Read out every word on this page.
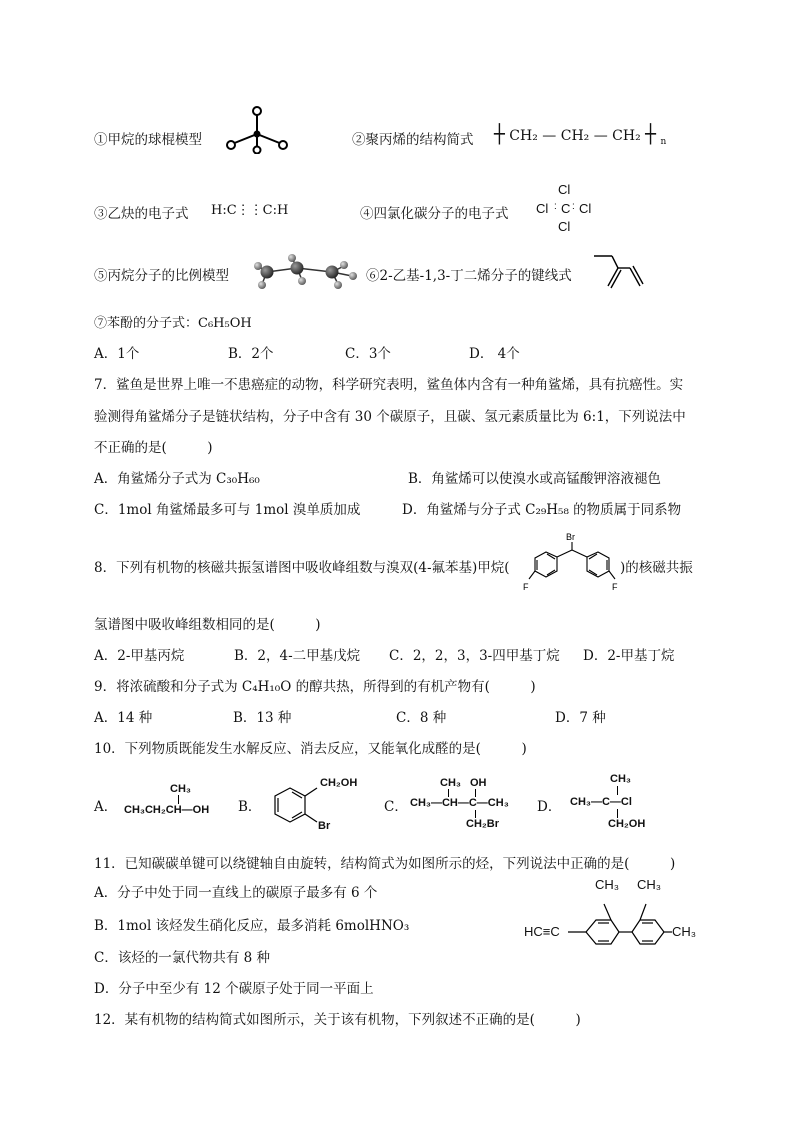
①甲烷的球棍模型	②聚丙烯的结构简式 ┼ CH₂ — CH₂ — CH₂ ┼ $_n$
③乙炔的电子式 H:C⋮⋮C:H	④四氯化碳分子的电子式
Cl
Cl C Cl
Cl
: :
⑤丙烷分子的比例模型	⑥2-乙基-1,3-丁二烯分子的键线式
⑦苯酚的分子式：C₆H₅OH
A．1个	B．2个	C．3个	D． 4个
7．鲨鱼是世界上唯一不患癌症的动物，科学研究表明，鲨鱼体内含有一种角鲨烯，具有抗癌性。实
验测得角鲨烯分子是链状结构，分子中含有 30 个碳原子，且碳、氢元素质量比为 6:1，下列说法中
不正确的是(　　　)
A．角鲨烯分子式为 C₃₀H₆₀	B．角鲨烯可以使溴水或高锰酸钾溶液褪色
C．1mol 角鲨烯最多可与 1mol 溴单质加成	D．角鲨烯与分子式 C₂₉H₅₈ 的物质属于同系物
8．下列有机物的核磁共振氢谱图中吸收峰组数与溴双(4-氟苯基)甲烷(
Br
F	F
)的核磁共振
氢谱图中吸收峰组数相同的是(　　　)
A．2-甲基丙烷	B．2，4-二甲基戊烷 C．2，2，3，3-四甲基丁烷 D．2-甲基丁烷
9．将浓硫酸和分子式为 C₄H₁₀O 的醇共热，所得到的有机产物有(　　　)
A．14 种	B．13 种	C．8 种	D．7 种
10．下列物质既能发生水解反应、消去反应，又能氧化成醛的是(　　　)
A．
CH₃
CH₃CH₂CH—OH B．
CH₂OH
Br
C．
CH₃ OH
CH₃—CH—C—CH₃
CH₂Br
D．
CH₃
CH₃—C—Cl
CH₂OH
11．已知碳碳单键可以绕键轴自由旋转，结构简式为如图所示的烃，下列说法中正确的是(　　　)
A．分子中处于同一直线上的碳原子最多有 6 个
B．1mol 该烃发生硝化反应，最多消耗 6molHNO₃
C．该烃的一氯代物共有 8 种
D．分子中至少有 12 个碳原子处于同一平面上
CH₃ CH₃
HC≡C	CH₃
12．某有机物的结构简式如图所示，关于该有机物，下列叙述不正确的是(　　　)
